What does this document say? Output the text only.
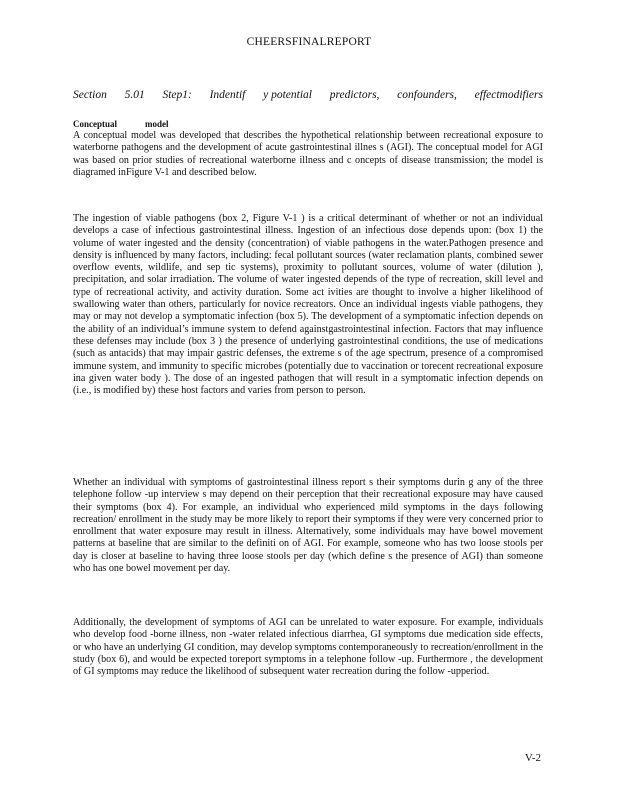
CHEERSFINALREPORT
Section 5.01 Step1: Indentif y potential predictors, confounders, effectmodifiers
Conceptual	model

A conceptual model was developed that describes the hypothetical relationship between recreational exposure to waterborne pathogens and the development of acute gastrointestinal illnes s (AGI). The conceptual model for AGI was based on prior studies of recreational waterborne illness and c oncepts of disease transmission; the model is diagramed inFigure V-1 and described below.

The ingestion of viable pathogens (box 2, Figure V-1 ) is a critical determinant of whether or not an individual develops a case of infectious gastrointestinal illness. Ingestion of an infectious dose depends upon: (box 1) the volume of water ingested and the density (concentration) of viable pathogens in the water.Pathogen presence and density is influenced by many factors, including: fecal pollutant sources (water reclamation plants, combined sewer overflow events, wildlife, and sep tic systems), proximity to pollutant sources, volume of water (dilution ), precipitation, and solar irradiation. The volume of water ingested depends of the type of recreation, skill level and type of recreational activity, and activity duration. Some act ivities are thought to involve a higher likelihood of swallowing water than others, particularly for novice recreators. Once an individual ingests viable pathogens, they may or may not develop a symptomatic infection (box 5). The development of a symptomatic infection depends on the ability of an individual’s immune system to defend againstgastrointestinal infection. Factors that may influence these defenses may include (box 3 ) the presence of underlying gastrointestinal conditions, the use of medications (such as antacids) that may impair gastric defenses, the extreme s of the age spectrum, presence of a compromised immune system, and immunity to specific microbes (potentially due to vaccination or torecent recreational exposure ina given water body ). The dose of an ingested pathogen that will result in a symptomatic infection depends on (i.e., is modified by) these host factors and varies from person to person.

Whether an individual with symptoms of gastrointestinal illness report s their symptoms durin g any of the three telephone follow -up interview s may depend on their perception that their recreational exposure may have caused their symptoms (box 4). For example, an individual who experienced mild symptoms in the days following recreation/ enrollment in the study may be more likely to report their symptoms if they were very concerned prior to enrollment that water exposure may result in illness. Alternatively, some individuals may have bowel movement patterns at baseline that are similar to the definiti on of AGI. For example, someone who has two loose stools per day is closer at baseline to having three loose stools per day (which define s the presence of AGI) than someone who has one bowel movement per day.

Additionally, the development of symptoms of AGI can be unrelated to water exposure. For example, individuals who develop food -borne illness, non -water related infectious diarrhea, GI symptoms due medication side effects, or who have an underlying GI condition, may develop symptoms contemporaneously to recreation/enrollment in the study (box 6), and would be expected toreport symptoms in a telephone follow -up. Furthermore , the development of GI symptoms may reduce the likelihood of subsequent water recreation during the follow -upperiod.

V-2
